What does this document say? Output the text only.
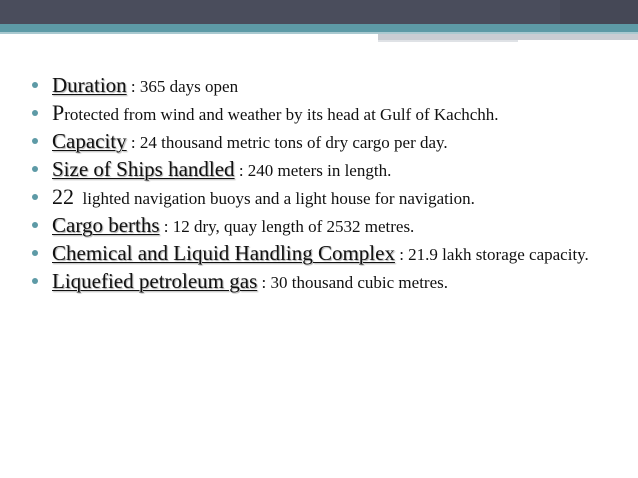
Duration : 365 days open
Protected from wind and weather by its head at Gulf of Kachchh.
Capacity : 24 thousand metric tons of dry cargo per day.
Size of Ships handled : 240 meters in length.
22  lighted navigation buoys and a light house for navigation.
Cargo berths : 12 dry, quay length of 2532 metres.
Chemical and Liquid Handling Complex : 21.9 lakh storage capacity.
Liquefied petroleum gas : 30 thousand cubic metres.
